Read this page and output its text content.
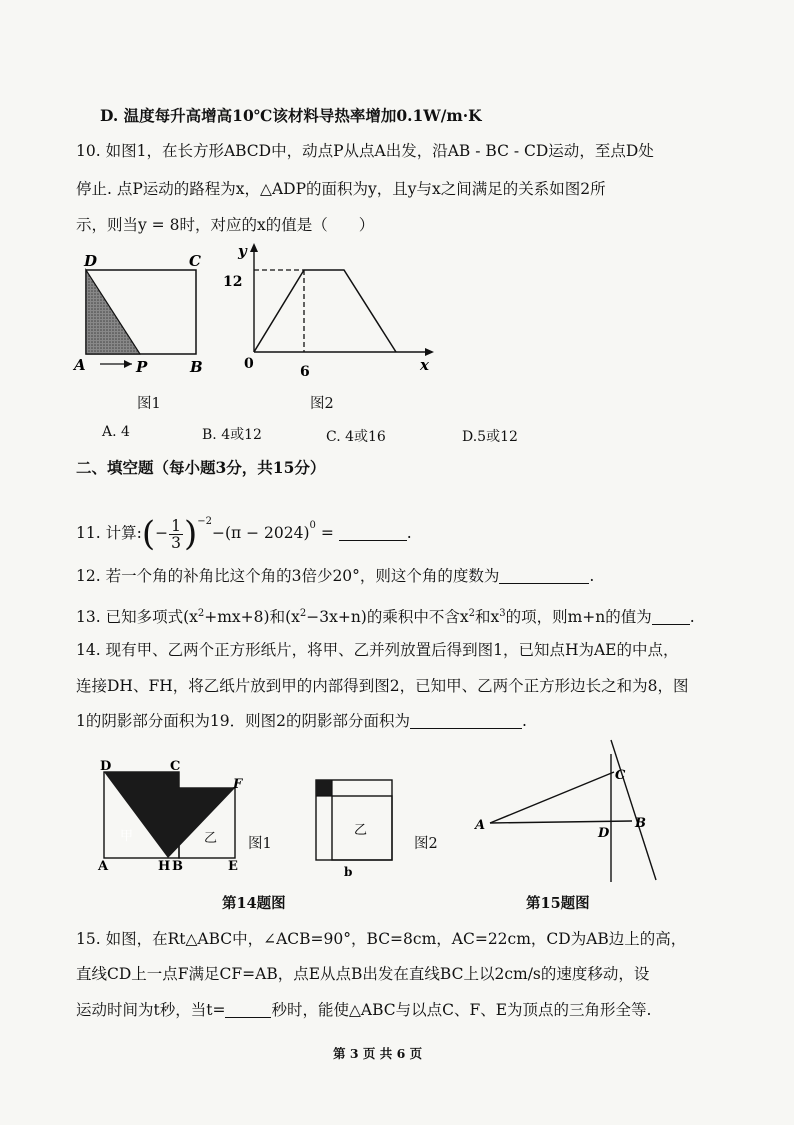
D. 温度每升高增高10℃该材料导热率增加0.1W/m·K
10. 如图1，在长方形ABCD中，动点P从点A出发，沿AB - BC - CD运动，至点D处
停止. 点P运动的路程为x，△ADP的面积为y，且y与x之间满足的关系如图2所
示，则当y = 8时，对应的x的值是（　　）
D	C
A	P	B
图1
y
12
0	6	x
图2
A. 4	B. 4或12	C. 4或16	D.5或12
二、填空题（每小题3分，共15分）
11. 计算:(− $\frac{1}{3} )^{-2}-(\pi - 2024)^0$ =	.
12. 若一个角的补角比这个角的3倍少20°，则这个角的度数为	.
13. 已知多项式$(x^2+mx+8)$和$(x^2-3x+n)$的乘积中不含$x^2$和$x^3$的项，则m+n的值为 .
14. 现有甲、乙两个正方形纸片，将甲、乙并列放置后得到图1，已知点H为AE的中点，
连接DH、FH，将乙纸片放到甲的内部得到图2，已知甲、乙两个正方形边长之和为8，图
1的阴影部分面积为19．则图2的阴影部分面积为	.
D	C
F
A	H B	E
甲	乙 图1
乙
b
图2
第14题图
C
A
D
B
第15题图
15. 如图，在Rt△ABC中，∠ACB=90°，BC=8cm，AC=22cm，CD为AB边上的高，
直线CD上一点F满足CF=AB，点E从点B出发在直线BC上以2cm/s的速度移动，设
运动时间为t秒，当t=	秒时，能使△ABC与以点C、F、E为顶点的三角形全等.
第 3 页 共 6 页
